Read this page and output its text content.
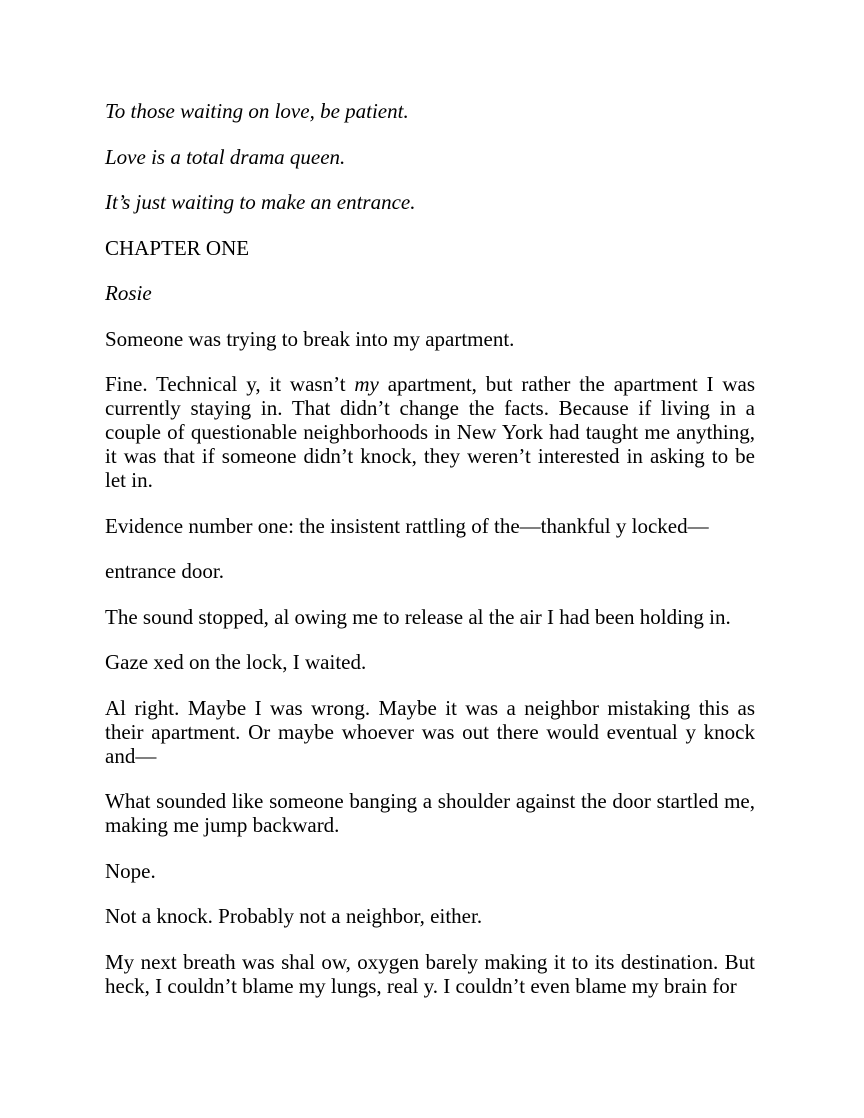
To those waiting on love, be patient.

Love is a total drama queen.

It’s just waiting to make an entrance.

CHAPTER ONE

Rosie

Someone was trying to break into my apartment.

Fine. Technical y, it wasn’t my apartment, but rather the apartment I was currently staying in. That didn’t change the facts. Because if living in a couple of questionable neighborhoods in New York had taught me anything, it was that if someone didn’t knock, they weren’t interested in asking to be let in.

Evidence number one: the insistent rattling of the—thankful y locked—

entrance door.

The sound stopped, al owing me to release al the air I had been holding in.

Gaze xed on the lock, I waited.

Al right. Maybe I was wrong. Maybe it was a neighbor mistaking this as their apartment. Or maybe whoever was out there would eventual y knock and—

What sounded like someone banging a shoulder against the door startled me, making me jump backward.

Nope.

Not a knock. Probably not a neighbor, either.

My next breath was shal ow, oxygen barely making it to its destination. But heck, I couldn’t blame my lungs, real y. I couldn’t even blame my brain for
